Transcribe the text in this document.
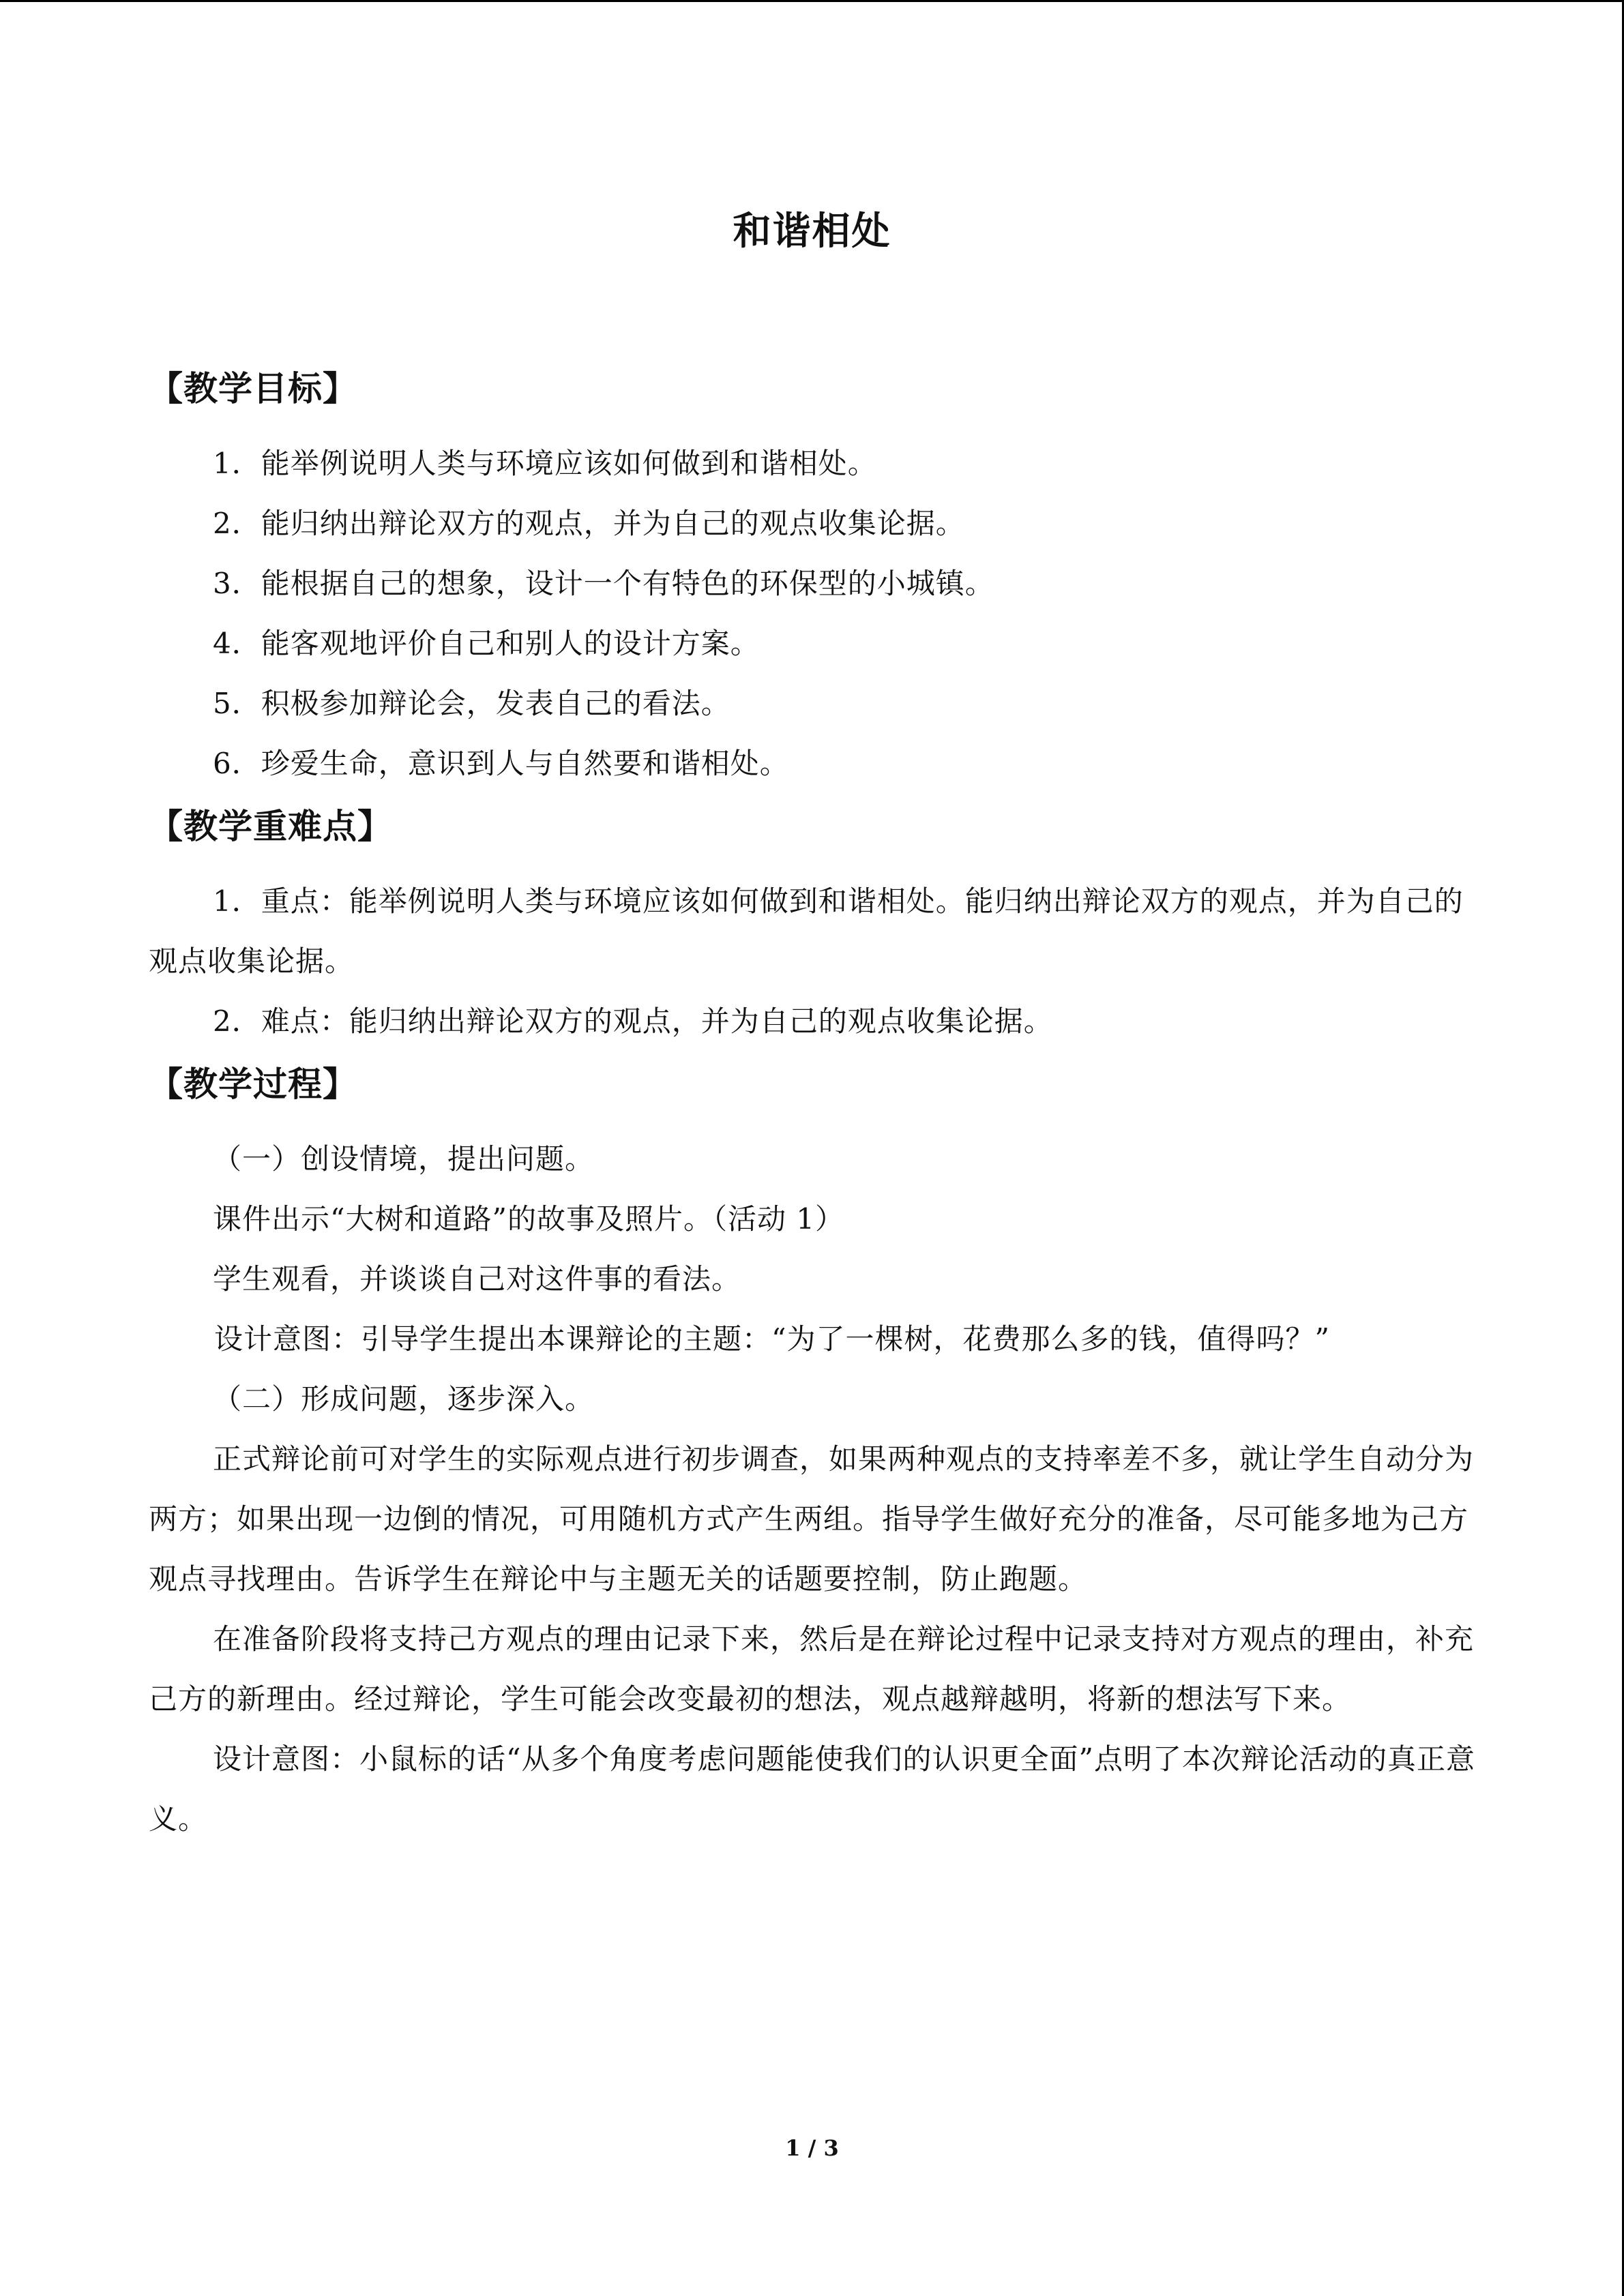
和谐相处
【教学目标】
1．能举例说明人类与环境应该如何做到和谐相处。
2．能归纳出辩论双方的观点，并为自己的观点收集论据。
3．能根据自己的想象，设计一个有特色的环保型的小城镇。
4．能客观地评价自己和别人的设计方案。
5．积极参加辩论会，发表自己的看法。
6．珍爱生命，意识到人与自然要和谐相处。
【教学重难点】

1．重点：能举例说明人类与环境应该如何做到和谐相处。能归纳出辩论双方的观点，并为自己的观点收集论据。

2．难点：能归纳出辩论双方的观点，并为自己的观点收集论据。

【教学过程】

（一）创设情境，提出问题。

课件出示“大树和道路”的故事及照片。（活动 1）

学生观看，并谈谈自己对这件事的看法。

设计意图：引导学生提出本课辩论的主题：“为了一棵树，花费那么多的钱，值得吗？”

（二）形成问题，逐步深入。

正式辩论前可对学生的实际观点进行初步调查，如果两种观点的支持率差不多，就让学生自动分为两方；如果出现一边倒的情况，可用随机方式产生两组。指导学生做好充分的准备，尽可能多地为己方观点寻找理由。告诉学生在辩论中与主题无关的话题要控制，防止跑题。

在准备阶段将支持己方观点的理由记录下来，然后是在辩论过程中记录支持对方观点的理由，补充己方的新理由。经过辩论，学生可能会改变最初的想法，观点越辩越明，将新的想法写下来。

设计意图：小鼠标的话“从多个角度考虑问题能使我们的认识更全面”点明了本次辩论活动的真正意义。

1 / 3
